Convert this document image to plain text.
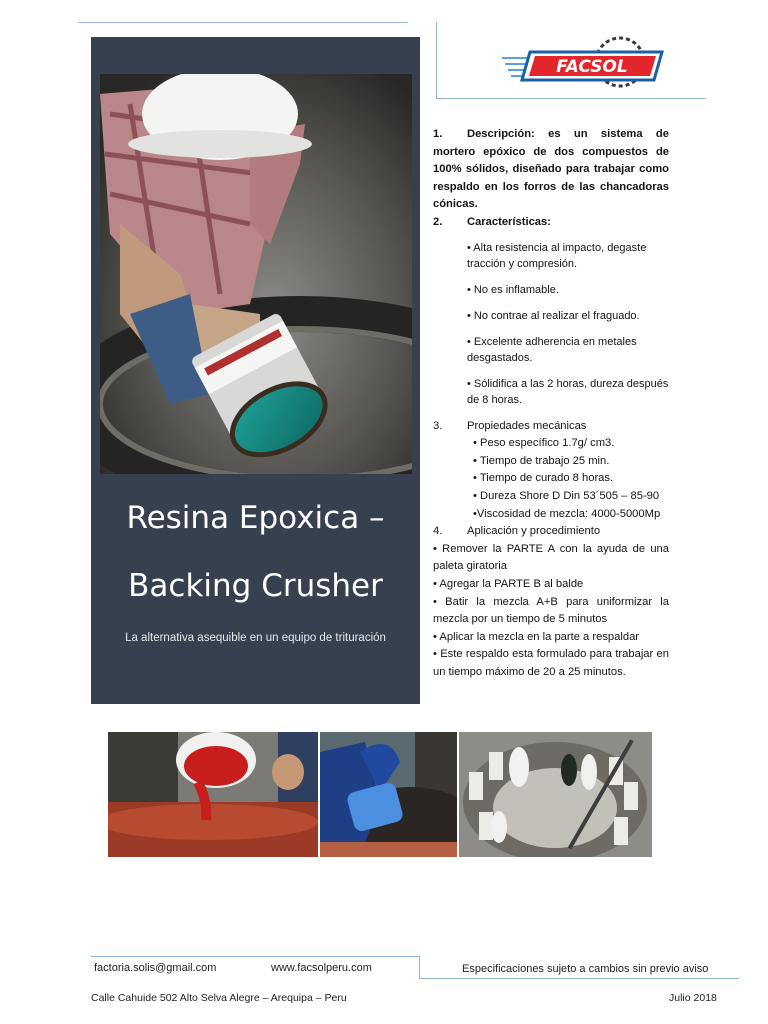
FACSOL
Resina Epoxica –
Backing Crusher
La alternativa asequible en un equipo de trituración

1. Descripción: es un sistema de mortero epóxico de dos compuestos de 100% sólidos, diseñado para trabajar como respaldo en los forros de las chancadoras cónicas.

2. Características:

• Alta resistencia al impacto, degaste tracción y compresión.

• No es inflamable.

• No contrae al realizar el fraguado.

• Excelente adherencia en metales desgastados.

• Sólidifica a las 2 horas, dureza después de 8 horas.

3. Propiedades mecánicas

• Peso específico 1.7g/ cm3.

• Tiempo de trabajo 25 min.

• Tiempo de curado 8 horas.

• Dureza Shore D Din 53´505 – 85-90

•Viscosidad de mezcla: 4000-5000Mp

4. Aplicación y procedimiento

• Remover la PARTE A con la ayuda de una paleta giratoria

• Agregar la PARTE B al balde

• Batir la mezcla A+B para uniformizar la mezcla por un tiempo de 5 minutos

• Aplicar la mezcla en la parte a respaldar

• Este respaldo esta formulado para trabajar en un tiempo máximo de 20 a 25 minutos.

factoria.solis@gmail.com	www.facsolperu.com	Especificaciones sujeto a cambios sin previo aviso
Calle Cahuide 502 Alto Selva Alegre – Arequipa – Peru	Julio 2018
